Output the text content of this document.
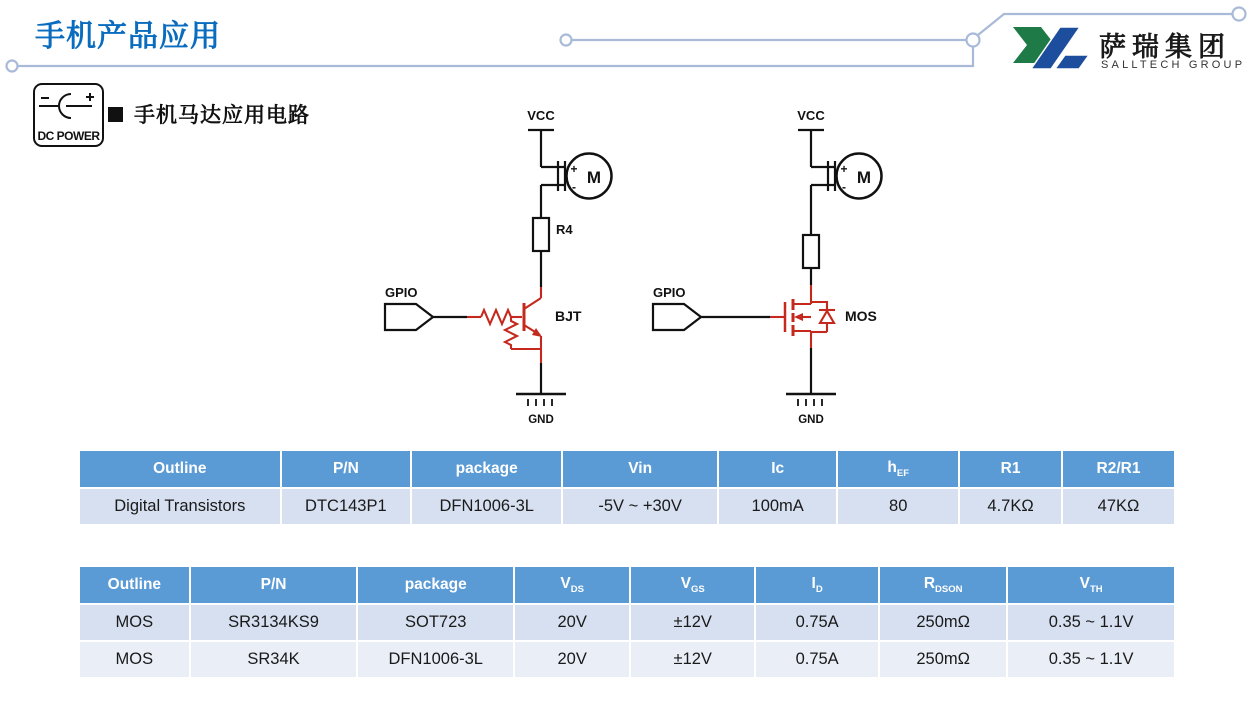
手机产品应用	萨瑞集团
SALLTECH GROUP
DC POWER
手机马达应用电路	VCC
GPIO
R4
BJT
GND
M
+
-
VCC
GPIO
MOS
GND
M
+
-
Outline	P/N	package	Vin	Ic	$h_{EF}$	R1	R2/R1
Digital Transistors	DTC143P1	DFN1006-3L	-5V ~ +30V	100mA	80	4.7KΩ	47KΩ
Outline	P/N	package	$V_{DS}$	$V_{GS}$	$I_D$	$R_{DSON}$	$V_{TH}$
MOS	SR3134KS9	SOT723	20V	±12V	0.75A	250mΩ	0.35 ~ 1.1V
MOS	SR34K	DFN1006-3L	20V	±12V	0.75A	250mΩ	0.35 ~ 1.1V
